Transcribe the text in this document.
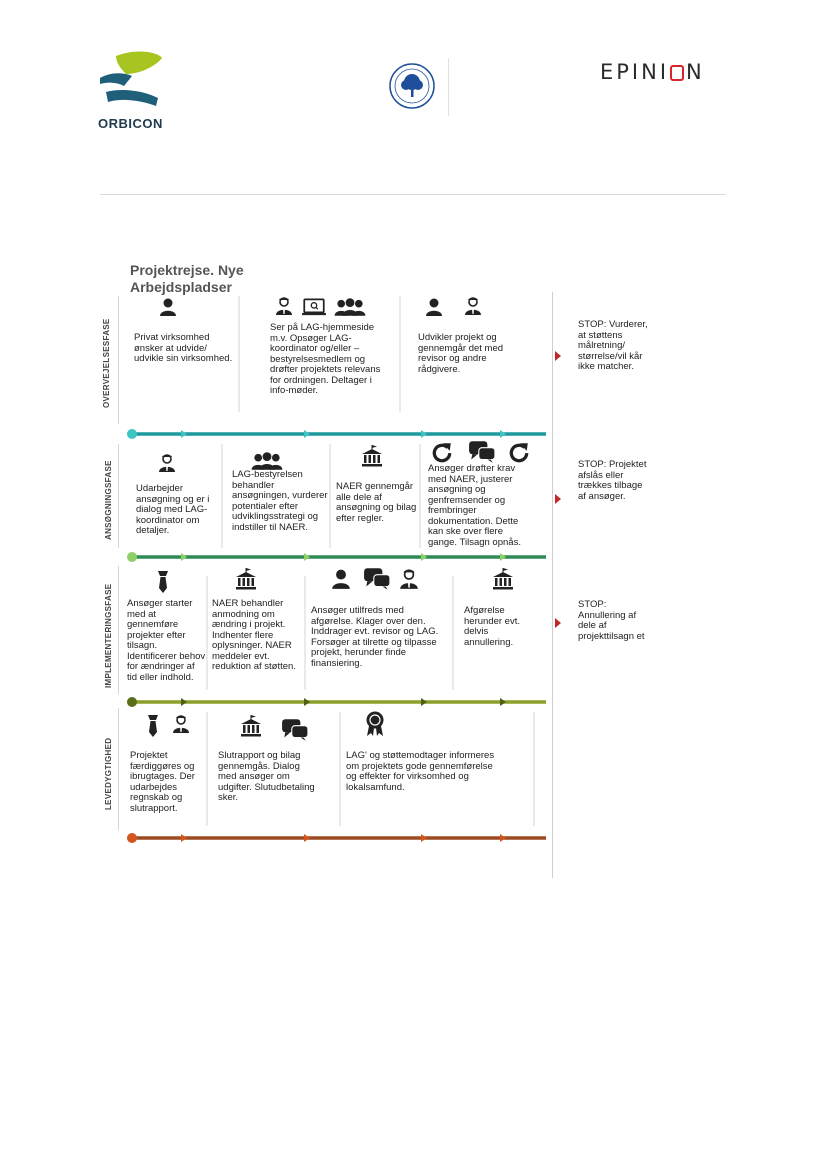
ORBICON
EPINI N
Projektrejse. Nye
Arbejdspladser
OVERVEJELSESFASE
ANSØGNINGSFASE
IMPLEMENTERINGSFASE
LEVEDYGTIGHED
Privat virksomhed ønsker at udvide/ udvikle sin virksomhed.
Ser på LAG-hjemmeside m.v. Opsøger LAG-koordinator og/eller – bestyrelsesmedlem og drøfter projektets relevans for ordningen. Deltager i info-møder.
Udvikler projekt og gennemgår det med revisor og andre rådgivere.
STOP: Vurderer, at støttens målretning/ størrelse/vil kår ikke matcher.
Udarbejder ansøgning og er i dialog med LAG-koordinator om detaljer.
LAG-bestyrelsen behandler ansøgningen, vurderer potentialer efter udviklingsstrategi og indstiller til NAER.
NAER gennemgår alle dele af ansøgning og bilag efter regler.
Ansøger drøfter krav med NAER, justerer ansøgning og genfremsender og frembringer dokumentation. Dette kan ske over flere gange. Tilsagn opnås.
STOP: Projektet afslås eller trækkes tilbage af ansøger.
Ansøger starter med at gennemføre projekter efter tilsagn. Identificerer behov for ændringer af tid eller indhold.
NAER behandler anmodning om ændring i projekt. Indhenter flere oplysninger. NAER meddeler evt. reduktion af støtten.
Ansøger utilfreds med afgørelse. Klager over den. Inddrager evt. revisor og LAG. Forsøger at tilrette og tilpasse projekt, herunder finde finansiering.
Afgørelse herunder evt. delvis annullering.
STOP: Annullering af dele af projekttilsagn et
Projektet færdiggøres og ibrugtages. Der udarbejdes regnskab og slutrapport.
Slutrapport og bilag gennemgås. Dialog med ansøger om udgifter. Slutudbetaling sker.
LAG' og støttemodtager informeres om projektets gode gennemførelse og effekter for virksomhed og lokalsamfund.
